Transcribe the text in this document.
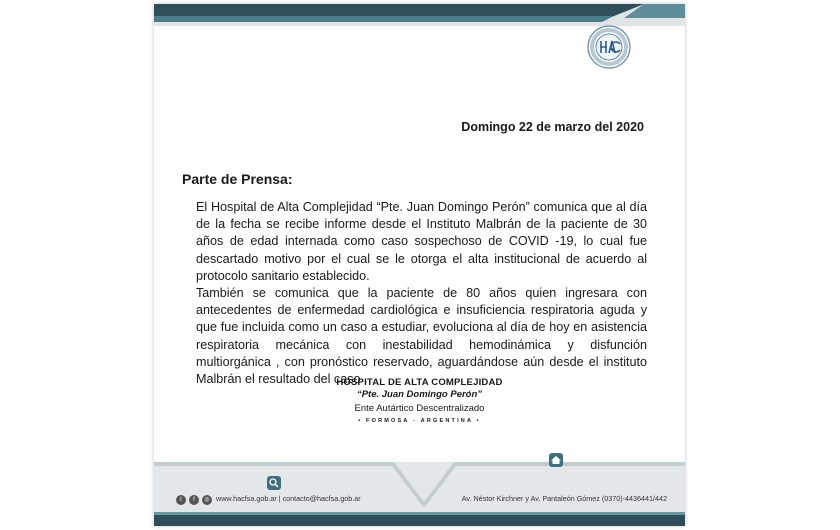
Domingo 22 de marzo del 2020
Parte de Prensa:

El Hospital de Alta Complejidad “Pte. Juan Domingo Perón” comunica que al día de la fecha se recibe informe desde el Instituto Malbrán de la paciente de 30 años de edad internada como caso sospechoso de COVID -19, lo cual fue descartado motivo por el cual se le otorga el alta institucional de acuerdo al protocolo sanitario establecido.

También se comunica que la paciente de 80 años quien ingresara con antecedentes de enfermedad cardiológica e insuficiencia respiratoria aguda y que fue incluida como un caso a estudiar, evoluciona al día de hoy en asistencia respiratoria mecánica con inestabilidad hemodinámica y disfunción multiorgánica , con pronóstico reservado, aguardándose aún desde el instituto Malbrán el resultado del caso .

HOSPITAL DE ALTA COMPLEJIDAD
“Pte. Juan Domingo Perón”
Ente Autártico Descentralizado
• FORMOSA - ARGENTINA •
t	f	◎ www.hacfsa.gob.ar | contacto@hacfsa.gob.ar	Av. Néstor Kirchner y Av. Pantaleón Gómez (0370)-4436441/442
